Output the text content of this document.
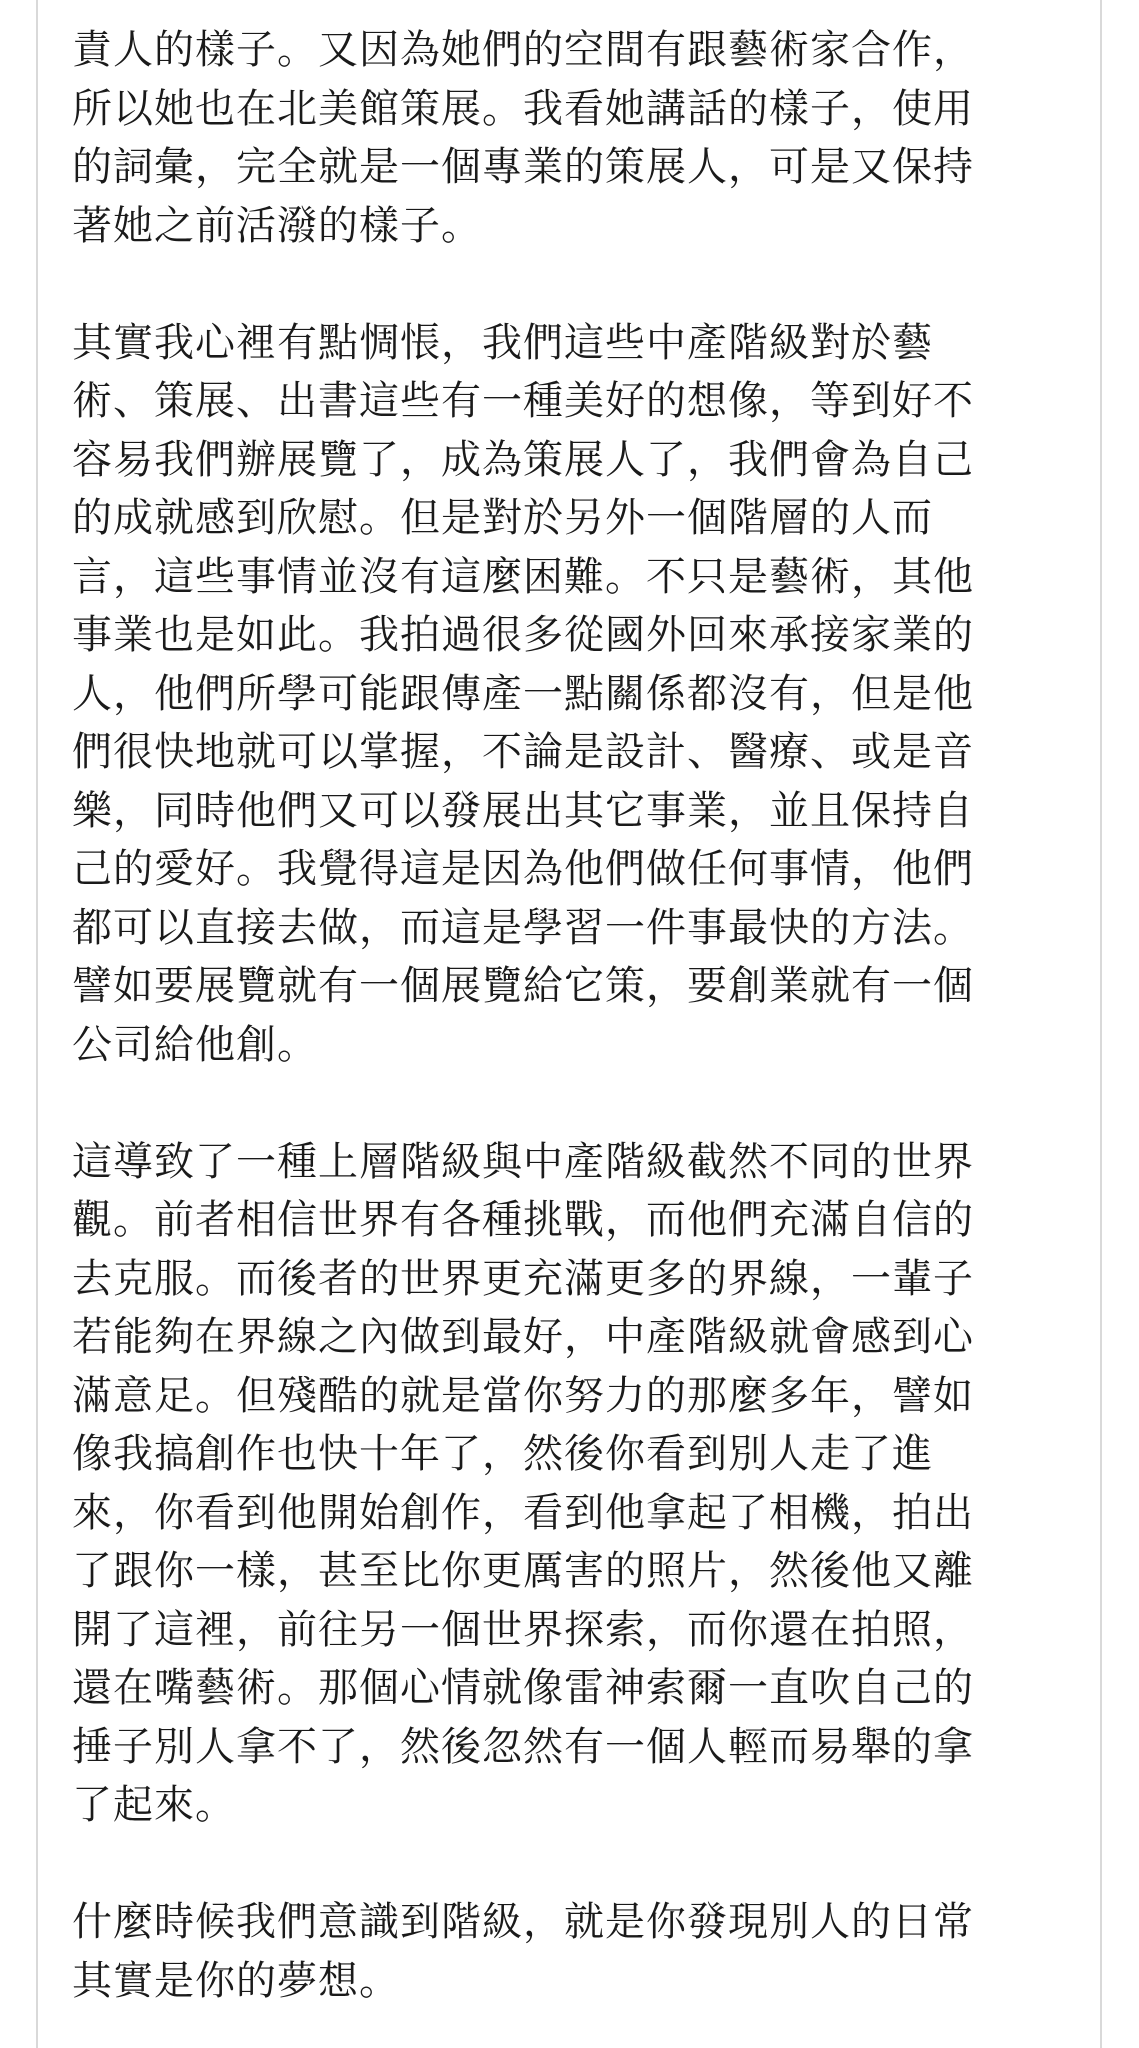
責人的樣子。又因為她們的空間有跟藝術家合作，
所以她也在北美館策展。我看她講話的樣子，使用
的詞彙，完全就是一個專業的策展人，可是又保持
著她之前活潑的樣子。

其實我心裡有點惆悵，我們這些中產階級對於藝
術、策展、出書這些有一種美好的想像，等到好不
容易我們辦展覽了，成為策展人了，我們會為自己
的成就感到欣慰。但是對於另外一個階層的人而
言，這些事情並沒有這麼困難。不只是藝術，其他
事業也是如此。我拍過很多從國外回來承接家業的
人，他們所學可能跟傳產一點關係都沒有，但是他
們很快地就可以掌握，不論是設計、醫療、或是音
樂，同時他們又可以發展出其它事業，並且保持自
己的愛好。我覺得這是因為他們做任何事情，他們
都可以直接去做，而這是學習一件事最快的方法。
譬如要展覽就有一個展覽給它策，要創業就有一個
公司給他創。

這導致了一種上層階級與中產階級截然不同的世界
觀。前者相信世界有各種挑戰，而他們充滿自信的
去克服。而後者的世界更充滿更多的界線，一輩子
若能夠在界線之內做到最好，中產階級就會感到心
滿意足。但殘酷的就是當你努力的那麼多年，譬如
像我搞創作也快十年了，然後你看到別人走了進
來，你看到他開始創作，看到他拿起了相機，拍出
了跟你一樣，甚至比你更厲害的照片，然後他又離
開了這裡，前往另一個世界探索，而你還在拍照，
還在嘴藝術。那個心情就像雷神索爾一直吹自己的
捶子別人拿不了，然後忽然有一個人輕而易舉的拿
了起來。

什麼時候我們意識到階級，就是你發現別人的日常
其實是你的夢想。
